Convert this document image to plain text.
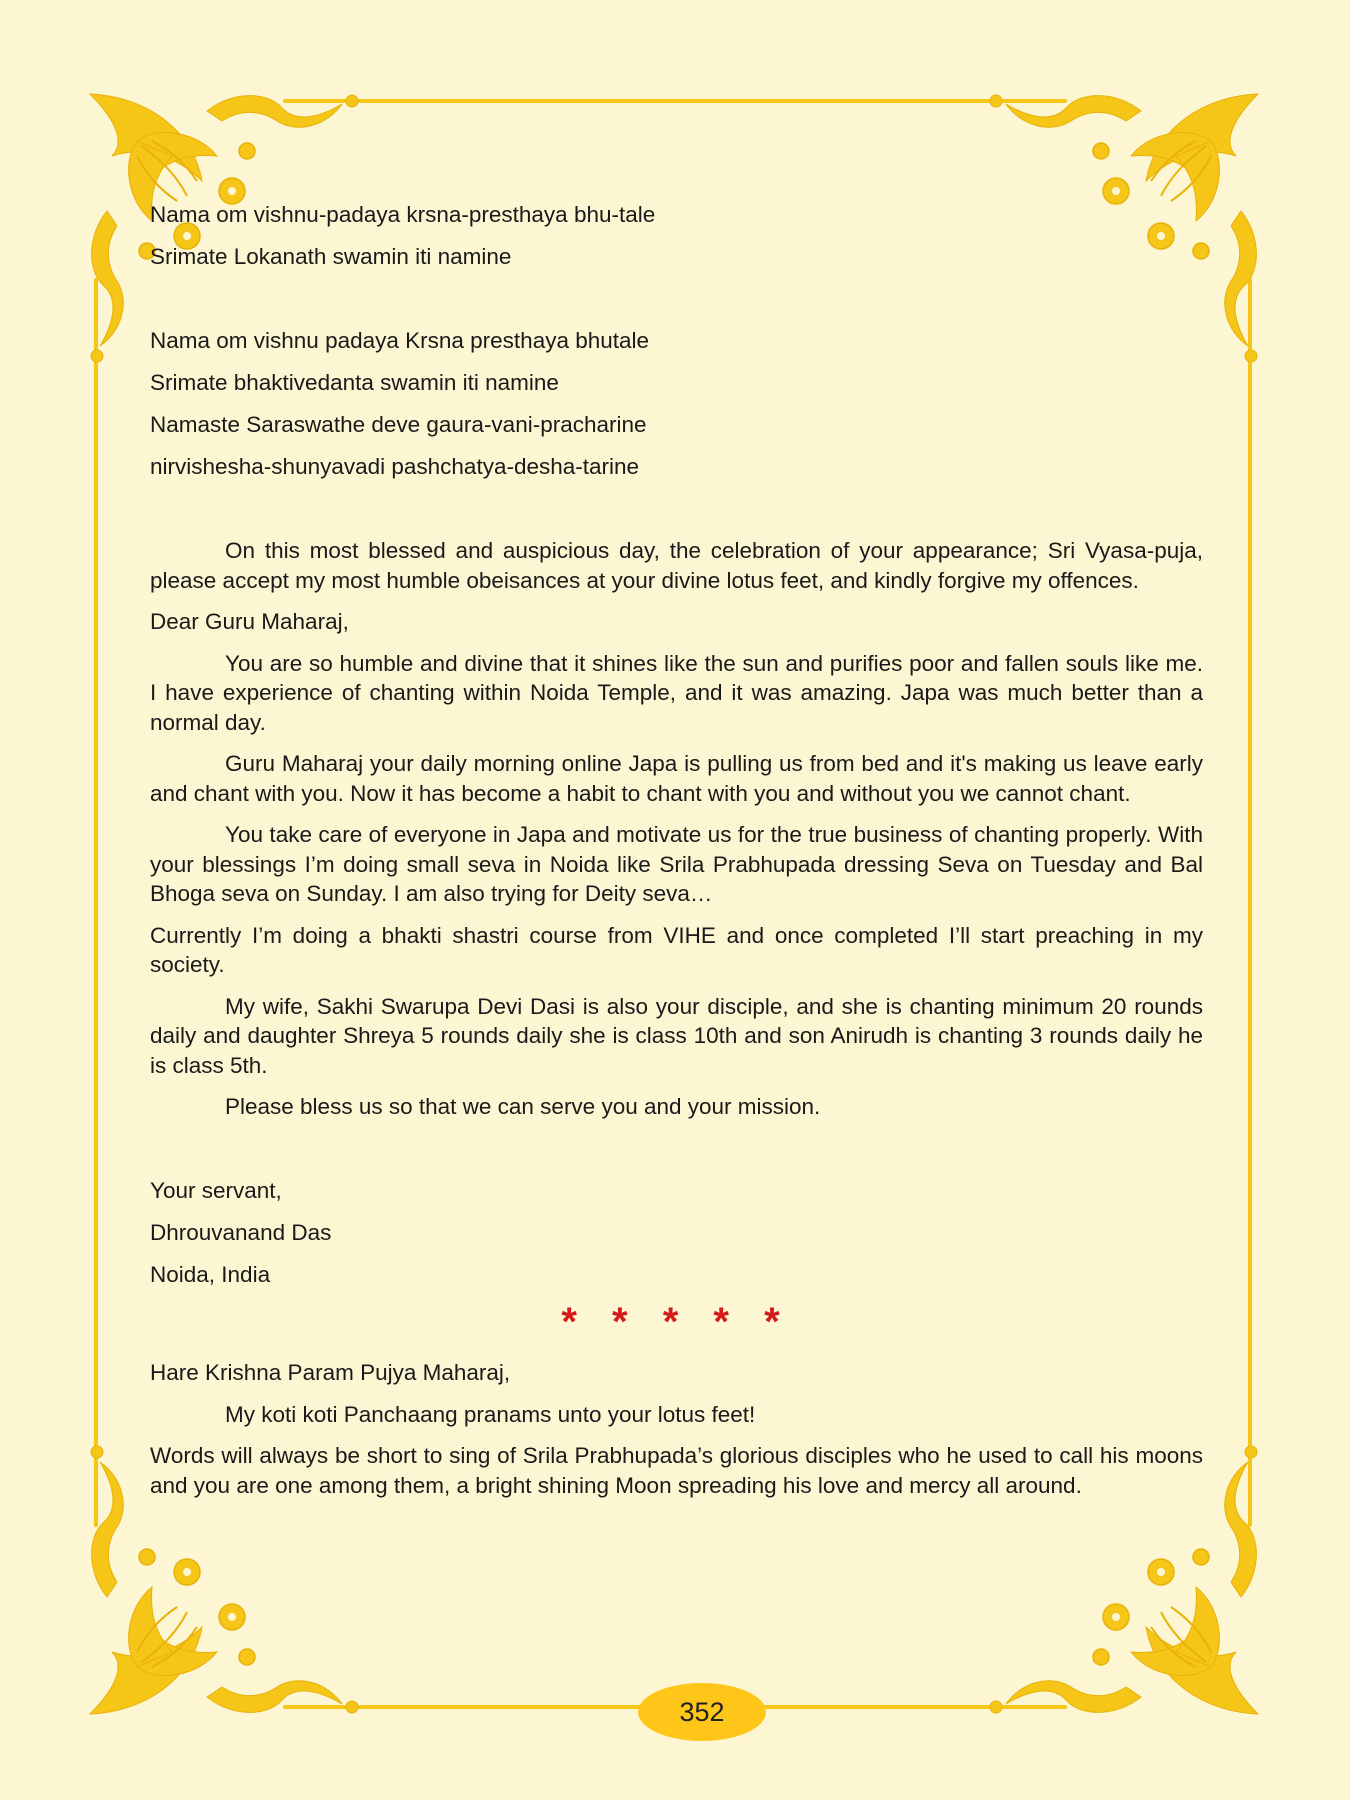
Nama om vishnu-padaya krsna-presthaya bhu-tale

Srimate Lokanath swamin iti namine

Nama om vishnu padaya Krsna presthaya bhutale

Srimate bhaktivedanta swamin iti namine

Namaste Saraswathe deve gaura-vani-pracharine

nirvishesha-shunyavadi pashchatya-desha-tarine

On this most blessed and auspicious day, the celebration of your appearance; Sri Vyasa-puja, please accept my most humble obeisances at your divine lotus feet, and kindly forgive my offences.

Dear Guru Maharaj,

You are so humble and divine that it shines like the sun and purifies poor and fallen souls like me. I have experience of chanting within Noida Temple, and it was amazing. Japa was much better than a normal day.

Guru Maharaj your daily morning online Japa is pulling us from bed and it's making us leave early and chant with you. Now it has become a habit to chant with you and without you we cannot chant.

You take care of everyone in Japa and motivate us for the true business of chanting properly. With your blessings I’m doing small seva in Noida like Srila Prabhupada dressing Seva on Tuesday and Bal Bhoga seva on Sunday. I am also trying for Deity seva…

Currently I’m doing a bhakti shastri course from VIHE and once completed I’ll start preaching in my society.

My wife, Sakhi Swarupa Devi Dasi is also your disciple, and she is chanting minimum 20 rounds daily and daughter Shreya 5 rounds daily she is class 10th and son Anirudh is chanting 3 rounds daily he is class 5th.

Please bless us so that we can serve you and your mission.

Your servant,

Dhrouvanand Das

Noida, India

* * * * *

Hare Krishna Param Pujya Maharaj,

My koti koti Panchaang pranams unto your lotus feet!

Words will always be short to sing of Srila Prabhupada’s glorious disciples who he used to call his moons and you are one among them, a bright shining Moon spreading his love and mercy all around.

352
